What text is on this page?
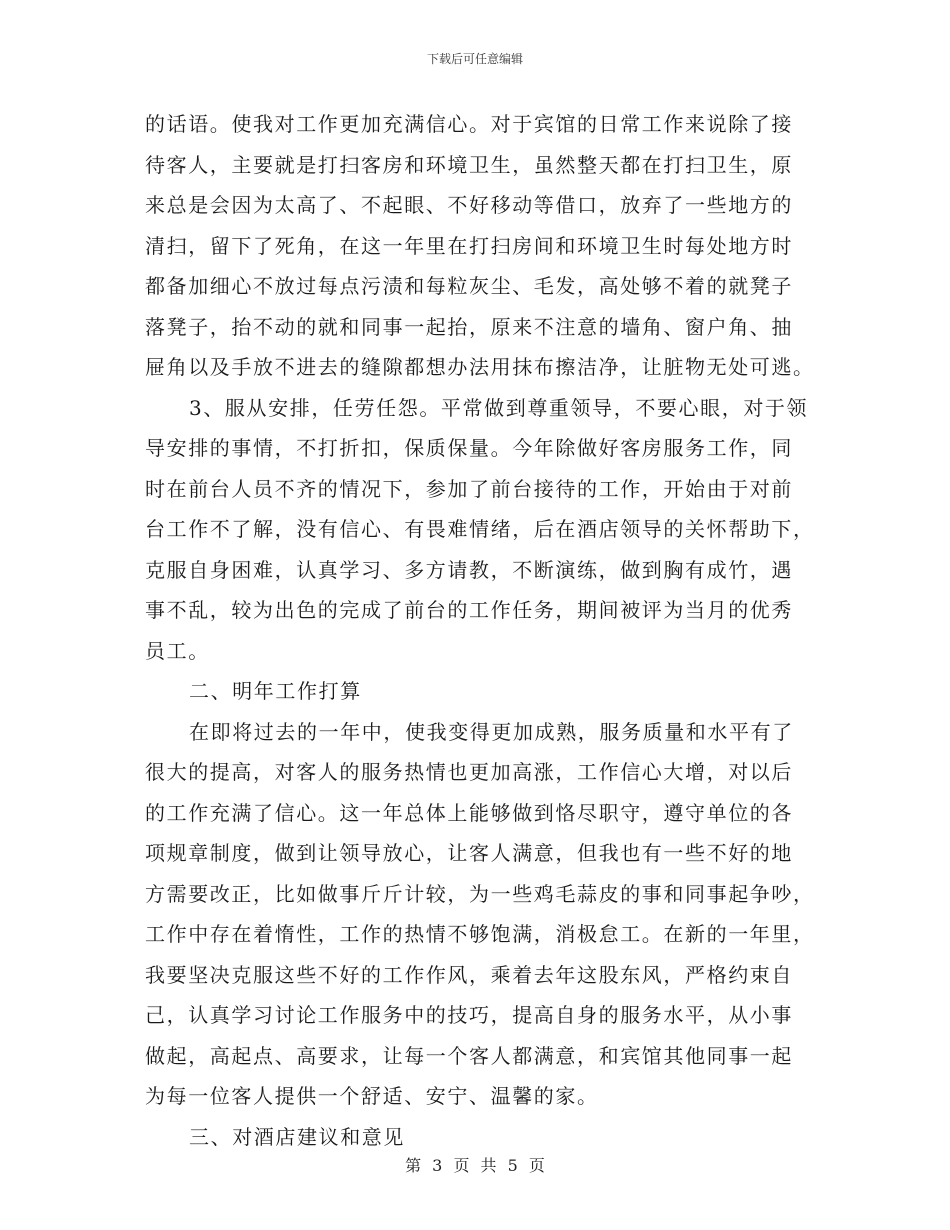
下载后可任意编辑
的话语。使我对工作更加充满信心。对于宾馆的日常工作来说除了接
待客人，主要就是打扫客房和环境卫生，虽然整天都在打扫卫生，原
来总是会因为太高了、不起眼、不好移动等借口，放弃了一些地方的
清扫，留下了死角，在这一年里在打扫房间和环境卫生时每处地方时
都备加细心不放过每点污渍和每粒灰尘、毛发，高处够不着的就凳子
落凳子，抬不动的就和同事一起抬，原来不注意的墙角、窗户角、抽
屉角以及手放不进去的缝隙都想办法用抹布擦洁净，让脏物无处可逃。
3、服从安排，任劳任怨。平常做到尊重领导，不要心眼，对于领
导安排的事情，不打折扣，保质保量。今年除做好客房服务工作，同
时在前台人员不齐的情况下，参加了前台接待的工作，开始由于对前
台工作不了解，没有信心、有畏难情绪，后在酒店领导的关怀帮助下，
克服自身困难，认真学习、多方请教，不断演练，做到胸有成竹，遇
事不乱，较为出色的完成了前台的工作任务，期间被评为当月的优秀
员工。
二、明年工作打算
在即将过去的一年中，使我变得更加成熟，服务质量和水平有了
很大的提高，对客人的服务热情也更加高涨，工作信心大增，对以后
的工作充满了信心。这一年总体上能够做到恪尽职守，遵守单位的各
项规章制度，做到让领导放心，让客人满意，但我也有一些不好的地
方需要改正，比如做事斤斤计较，为一些鸡毛蒜皮的事和同事起争吵，
工作中存在着惰性，工作的热情不够饱满，消极怠工。在新的一年里，
我要坚决克服这些不好的工作作风，乘着去年这股东风，严格约束自
己，认真学习讨论工作服务中的技巧，提高自身的服务水平，从小事
做起，高起点、高要求，让每一个客人都满意，和宾馆其他同事一起
为每一位客人提供一个舒适、安宁、温馨的家。
三、对酒店建议和意见
第 3 页 共 5 页
